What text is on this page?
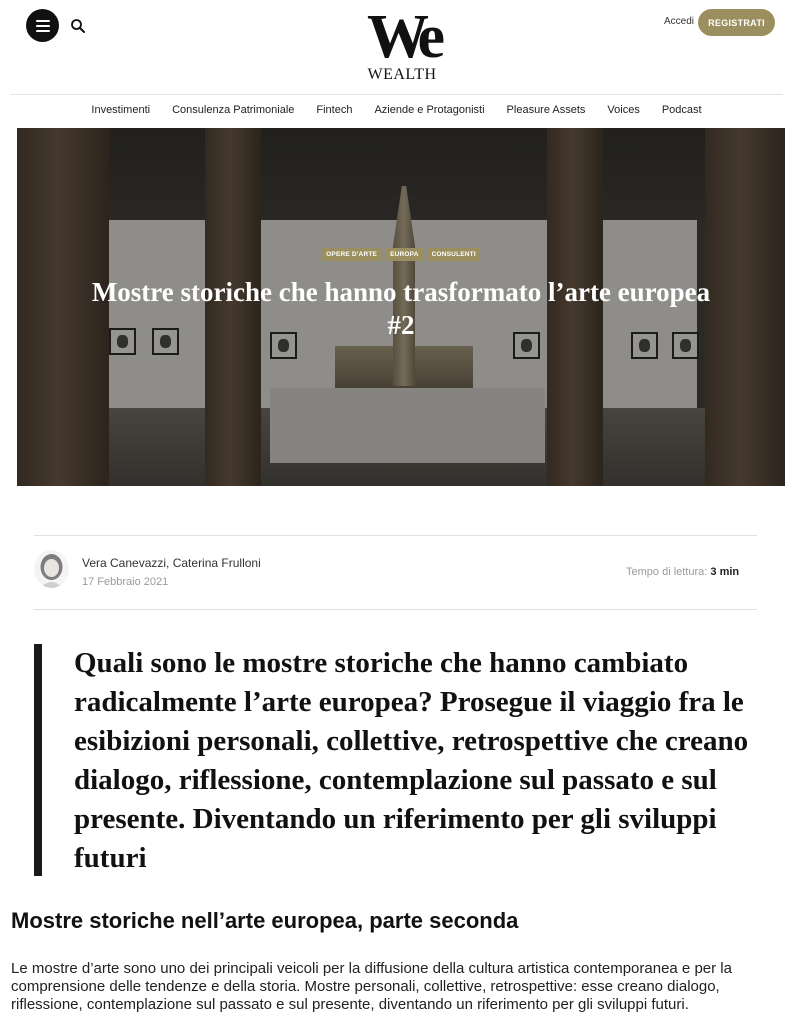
We
WEALTH
Accedi	REGISTRATI
Investimenti Consulenza Patrimoniale Fintech Aziende e Protagonisti Pleasure Assets Voices Podcast
OPERE D'ARTE	EUROPA	CONSULENTI
Mostre storiche che hanno trasformato l’arte europea #2
Vera Canevazzi, Caterina Frulloni
17 Febbraio 2021
Tempo di lettura: 3 min

Quali sono le mostre storiche che hanno cambiato radicalmente l’arte europea? Prosegue il viaggio fra le esibizioni personali, collettive, retrospettive che creano dialogo, riflessione, contemplazione sul passato e sul presente. Diventando un riferimento per gli sviluppi futuri

Mostre storiche nell’arte europea, parte seconda

Le mostre d’arte sono uno dei principali veicoli per la diffusione della cultura artistica contemporanea e per la comprensione delle tendenze e della storia. Mostre personali, collettive, retrospettive: esse creano dialogo, riflessione, contemplazione sul passato e sul presente, diventando un riferimento per gli sviluppi futuri.
